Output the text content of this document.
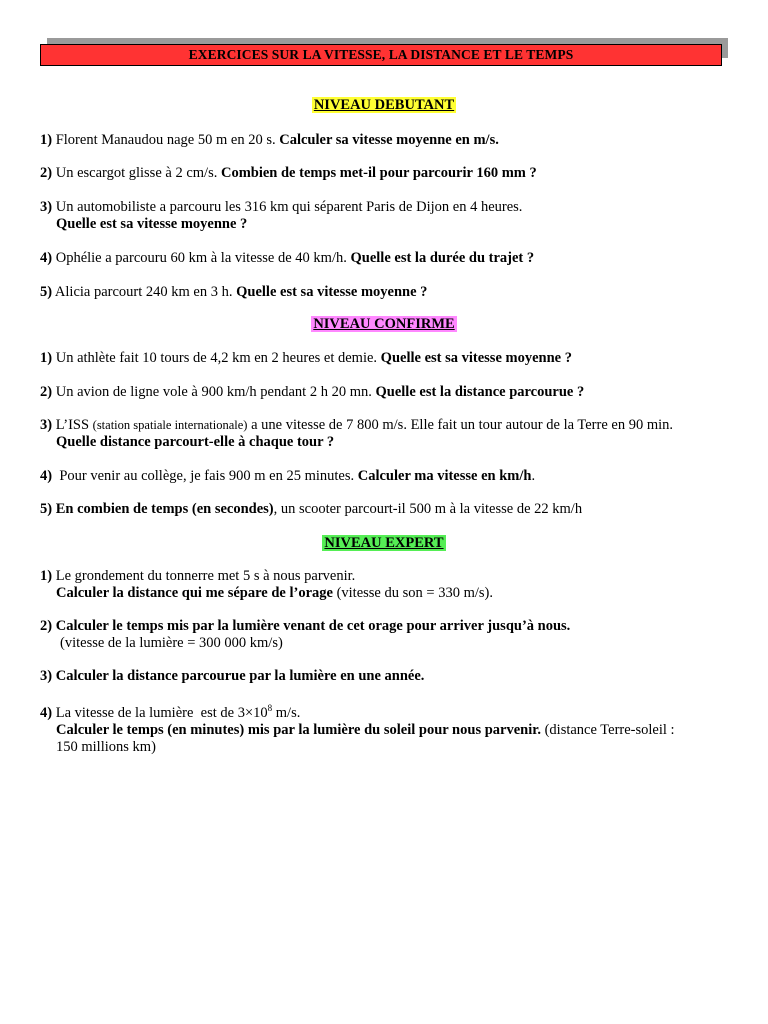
EXERCICES SUR LA VITESSE, LA DISTANCE ET LE TEMPS
NIVEAU DEBUTANT
1) Florent Manaudou nage 50 m en 20 s. Calculer sa vitesse moyenne en m/s.
2) Un escargot glisse à 2 cm/s. Combien de temps met-il pour parcourir 160 mm ?
3) Un automobiliste a parcouru les 316 km qui séparent Paris de Dijon en 4 heures.
Quelle est sa vitesse moyenne ?
4) Ophélie a parcouru 60 km à la vitesse de 40 km/h. Quelle est la durée du trajet ?
5) Alicia parcourt 240 km en 3 h. Quelle est sa vitesse moyenne ?
NIVEAU CONFIRME
1) Un athlète fait 10 tours de 4,2 km en 2 heures et demie. Quelle est sa vitesse moyenne ?
2) Un avion de ligne vole à 900 km/h pendant 2 h 20 mn. Quelle est la distance parcourue ?
3) L’ISS (station spatiale internationale) a une vitesse de 7 800 m/s. Elle fait un tour autour de la Terre en 90 min.
Quelle distance parcourt-elle à chaque tour ?
4)  Pour venir au collège, je fais 900 m en 25 minutes. Calculer ma vitesse en km/h.
5) En combien de temps (en secondes), un scooter parcourt-il 500 m à la vitesse de 22 km/h
NIVEAU EXPERT
1) Le grondement du tonnerre met 5 s à nous parvenir.
Calculer la distance qui me sépare de l’orage (vitesse du son = 330 m/s).
2) Calculer le temps mis par la lumière venant de cet orage pour arriver jusqu’à nous.
(vitesse de la lumière = 300 000 km/s)
3) Calculer la distance parcourue par la lumière en une année.
4) La vitesse de la lumière  est de $3\times 10^8$ m/s.
Calculer le temps (en minutes) mis par la lumière du soleil pour nous parvenir. (distance Terre-soleil :
150 millions km)
